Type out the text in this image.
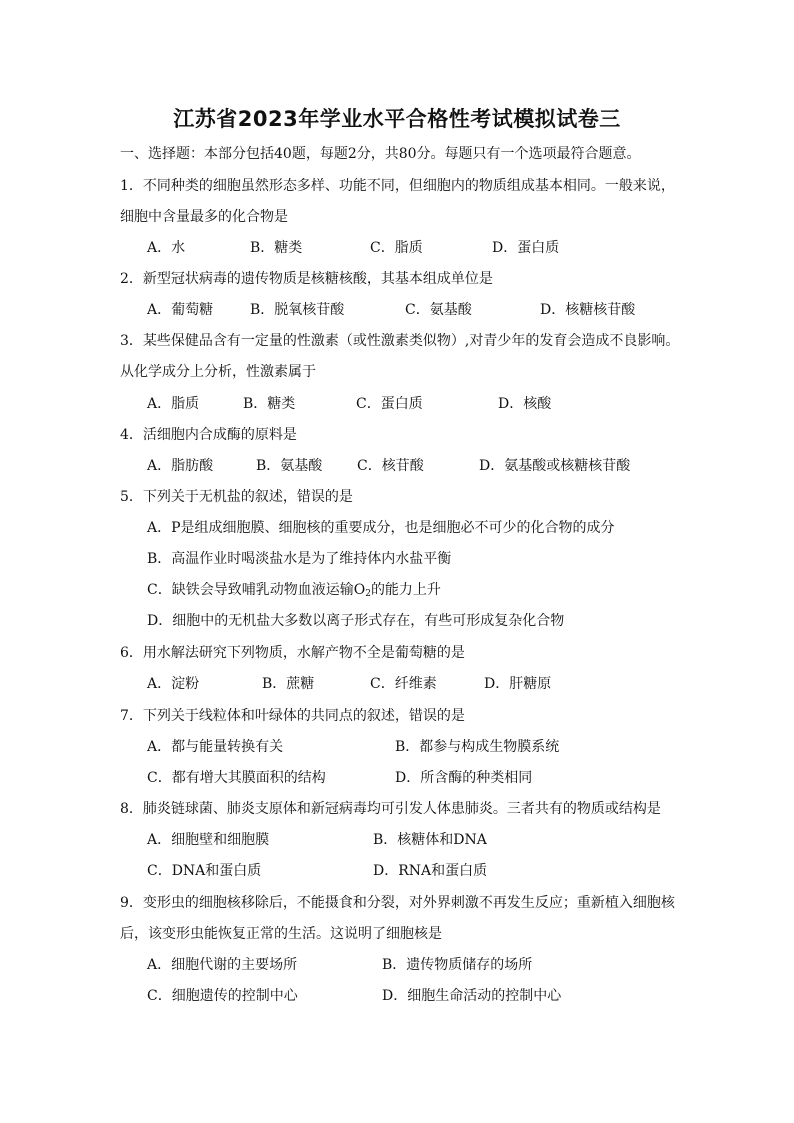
江苏省2023年学业水平合格性考试模拟试卷三
一、选择题：本部分包括40题，每题2分，共80分。每题只有一个选项最符合题意。
1．不同种类的细胞虽然形态多样、功能不同，但细胞内的物质组成基本相同。一般来说，
细胞中含量最多的化合物是
A．水	B．糖类	C．脂质	D．蛋白质
2．新型冠状病毒的遗传物质是核糖核酸，其基本组成单位是
A．葡萄糖	B．脱氧核苷酸	C．氨基酸	D．核糖核苷酸
3．某些保健品含有一定量的性激素（或性激素类似物）,对青少年的发育会造成不良影响。
从化学成分上分析，性激素属于
A．脂质	B．糖类	C．蛋白质	D．核酸
4．活细胞内合成酶的原料是
A．脂肪酸	B．氨基酸 C．核苷酸	D．氨基酸或核糖核苷酸
5．下列关于无机盐的叙述，错误的是
A．P是组成细胞膜、细胞核的重要成分，也是细胞必不可少的化合物的成分
B．高温作业时喝淡盐水是为了维持体内水盐平衡
C．缺铁会导致哺乳动物血液运输$O_2$的能力上升
D．细胞中的无机盐大多数以离子形式存在，有些可形成复杂化合物
6．用水解法研究下列物质，水解产物不全是葡萄糖的是
A．淀粉	B．蔗糖	C．纤维素	D．肝糖原
7．下列关于线粒体和叶绿体的共同点的叙述，错误的是
A．都与能量转换有关	B．都参与构成生物膜系统
C．都有增大其膜面积的结构	D．所含酶的种类相同
8．肺炎链球菌、肺炎支原体和新冠病毒均可引发人体患肺炎。三者共有的物质或结构是
A．细胞壁和细胞膜	B．核糖体和DNA
C．DNA和蛋白质	D．RNA和蛋白质
9．变形虫的细胞核移除后，不能摄食和分裂，对外界刺激不再发生反应；重新植入细胞核
后，该变形虫能恢复正常的生活。这说明了细胞核是
A．细胞代谢的主要场所	B．遗传物质储存的场所
C．细胞遗传的控制中心	D．细胞生命活动的控制中心
